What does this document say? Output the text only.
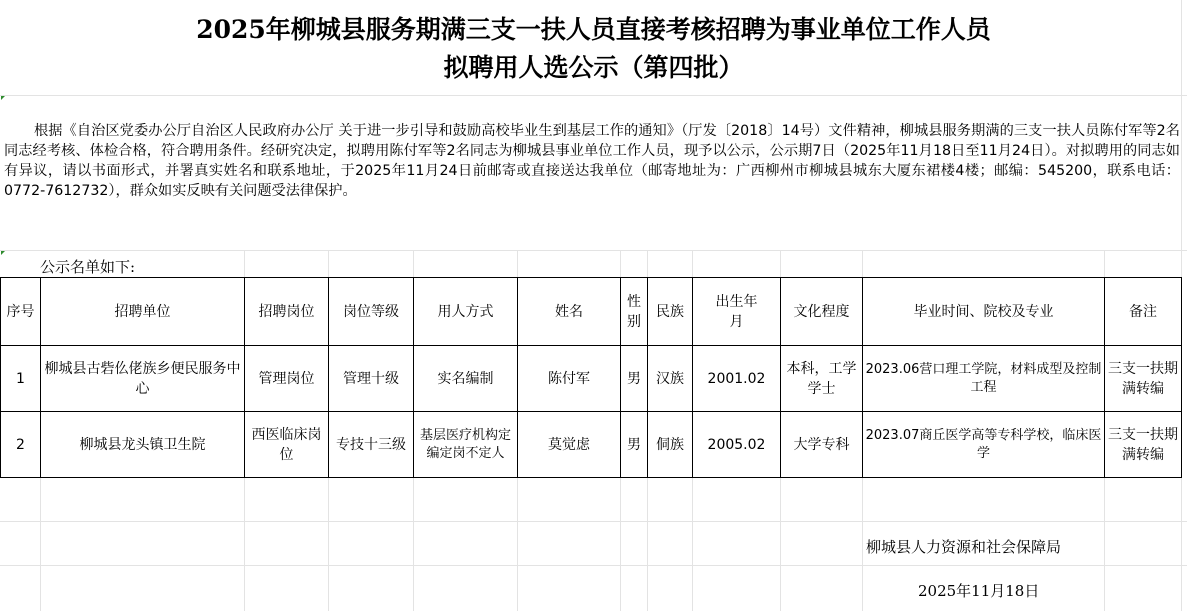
2025年柳城县服务期满三支一扶人员直接考核招聘为事业单位工作人员
拟聘用人选公示（第四批）
根据《自治区党委办公厅自治区人民政府办公厅 关于进一步引导和鼓励高校毕业生到基层工作的通知》（厅发〔2018〕14号）文件精神，柳城县服务期满的三支一扶人员陈付军等2名同志经考核、体检合格，符合聘用条件。经研究决定，拟聘用陈付军等2名同志为柳城县事业单位工作人员，现予以公示，公示期7日（2025年11月18日至11月24日）。对拟聘用的同志如有异议，请以书面形式，并署真实姓名和联系地址，于2025年11月24日前邮寄或直接送达我单位（邮寄地址为：广西柳州市柳城县城东大厦东裙楼4楼；邮编：545200，联系电话：0772-7612732），群众如实反映有关问题受法律保护。
公示名单如下:
序号	招聘单位	招聘岗位	岗位等级	用人方式	姓名	性别	民族	出生年月	文化程度	毕业时间、院校及专业	备注
1	柳城县古砦仫佬族乡便民服务中心	管理岗位	管理十级	实名编制	陈付军	男	汉族	2001.02	本科，工学学士	2023.06营口理工学院，材料成型及控制工程	三支一扶期满转编
2	柳城县龙头镇卫生院	西医临床岗位	专技十三级	基层医疗机构定编定岗不定人	莫觉虑	男	侗族	2005.02	大学专科	2023.07商丘医学高等专科学校，临床医学	三支一扶期满转编
柳城县人力资源和社会保障局
2025年11月18日
